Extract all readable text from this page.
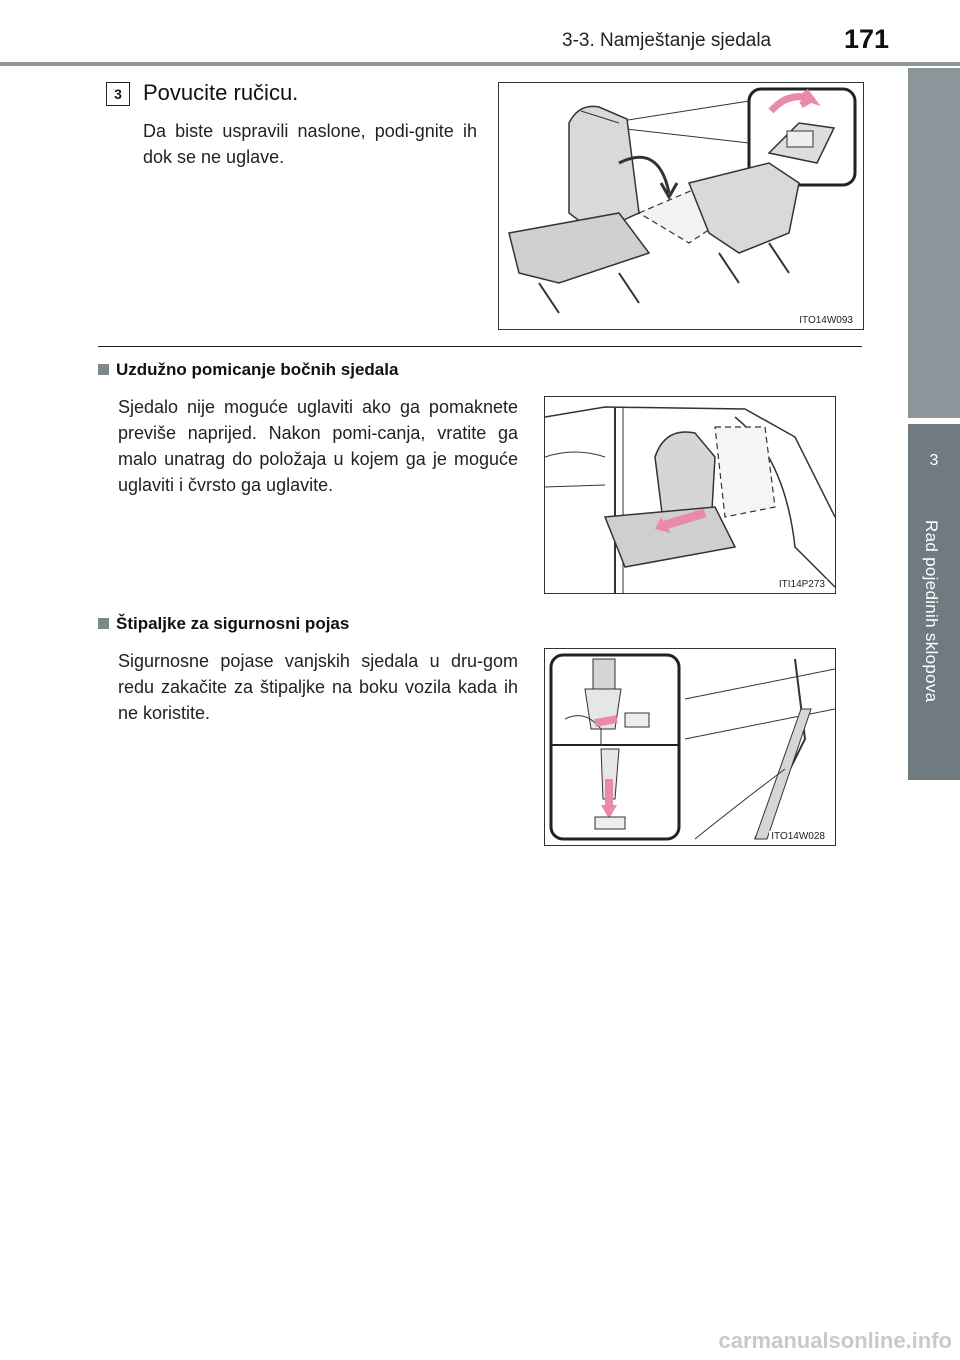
3-3. Namještanje sjedala	171
3
Rad pojedinih sklopova
3 Povucite ručicu.
Da biste uspravili naslone, podi-gnite ih dok se ne uglave.
ITO14W093
Uzdužno pomicanje bočnih sjedala
Sjedalo nije moguće uglaviti ako ga pomaknete previše naprijed. Nakon pomi-canja, vratite ga malo unatrag do položaja u kojem ga je moguće uglaviti i čvrsto ga uglavite.
ITI14P273
Štipaljke za sigurnosni pojas
Sigurnosne pojase vanjskih sjedala u dru-gom redu zakačite za štipaljke na boku vozila kada ih ne koristite.
ITO14W028
carmanualsonline.info
